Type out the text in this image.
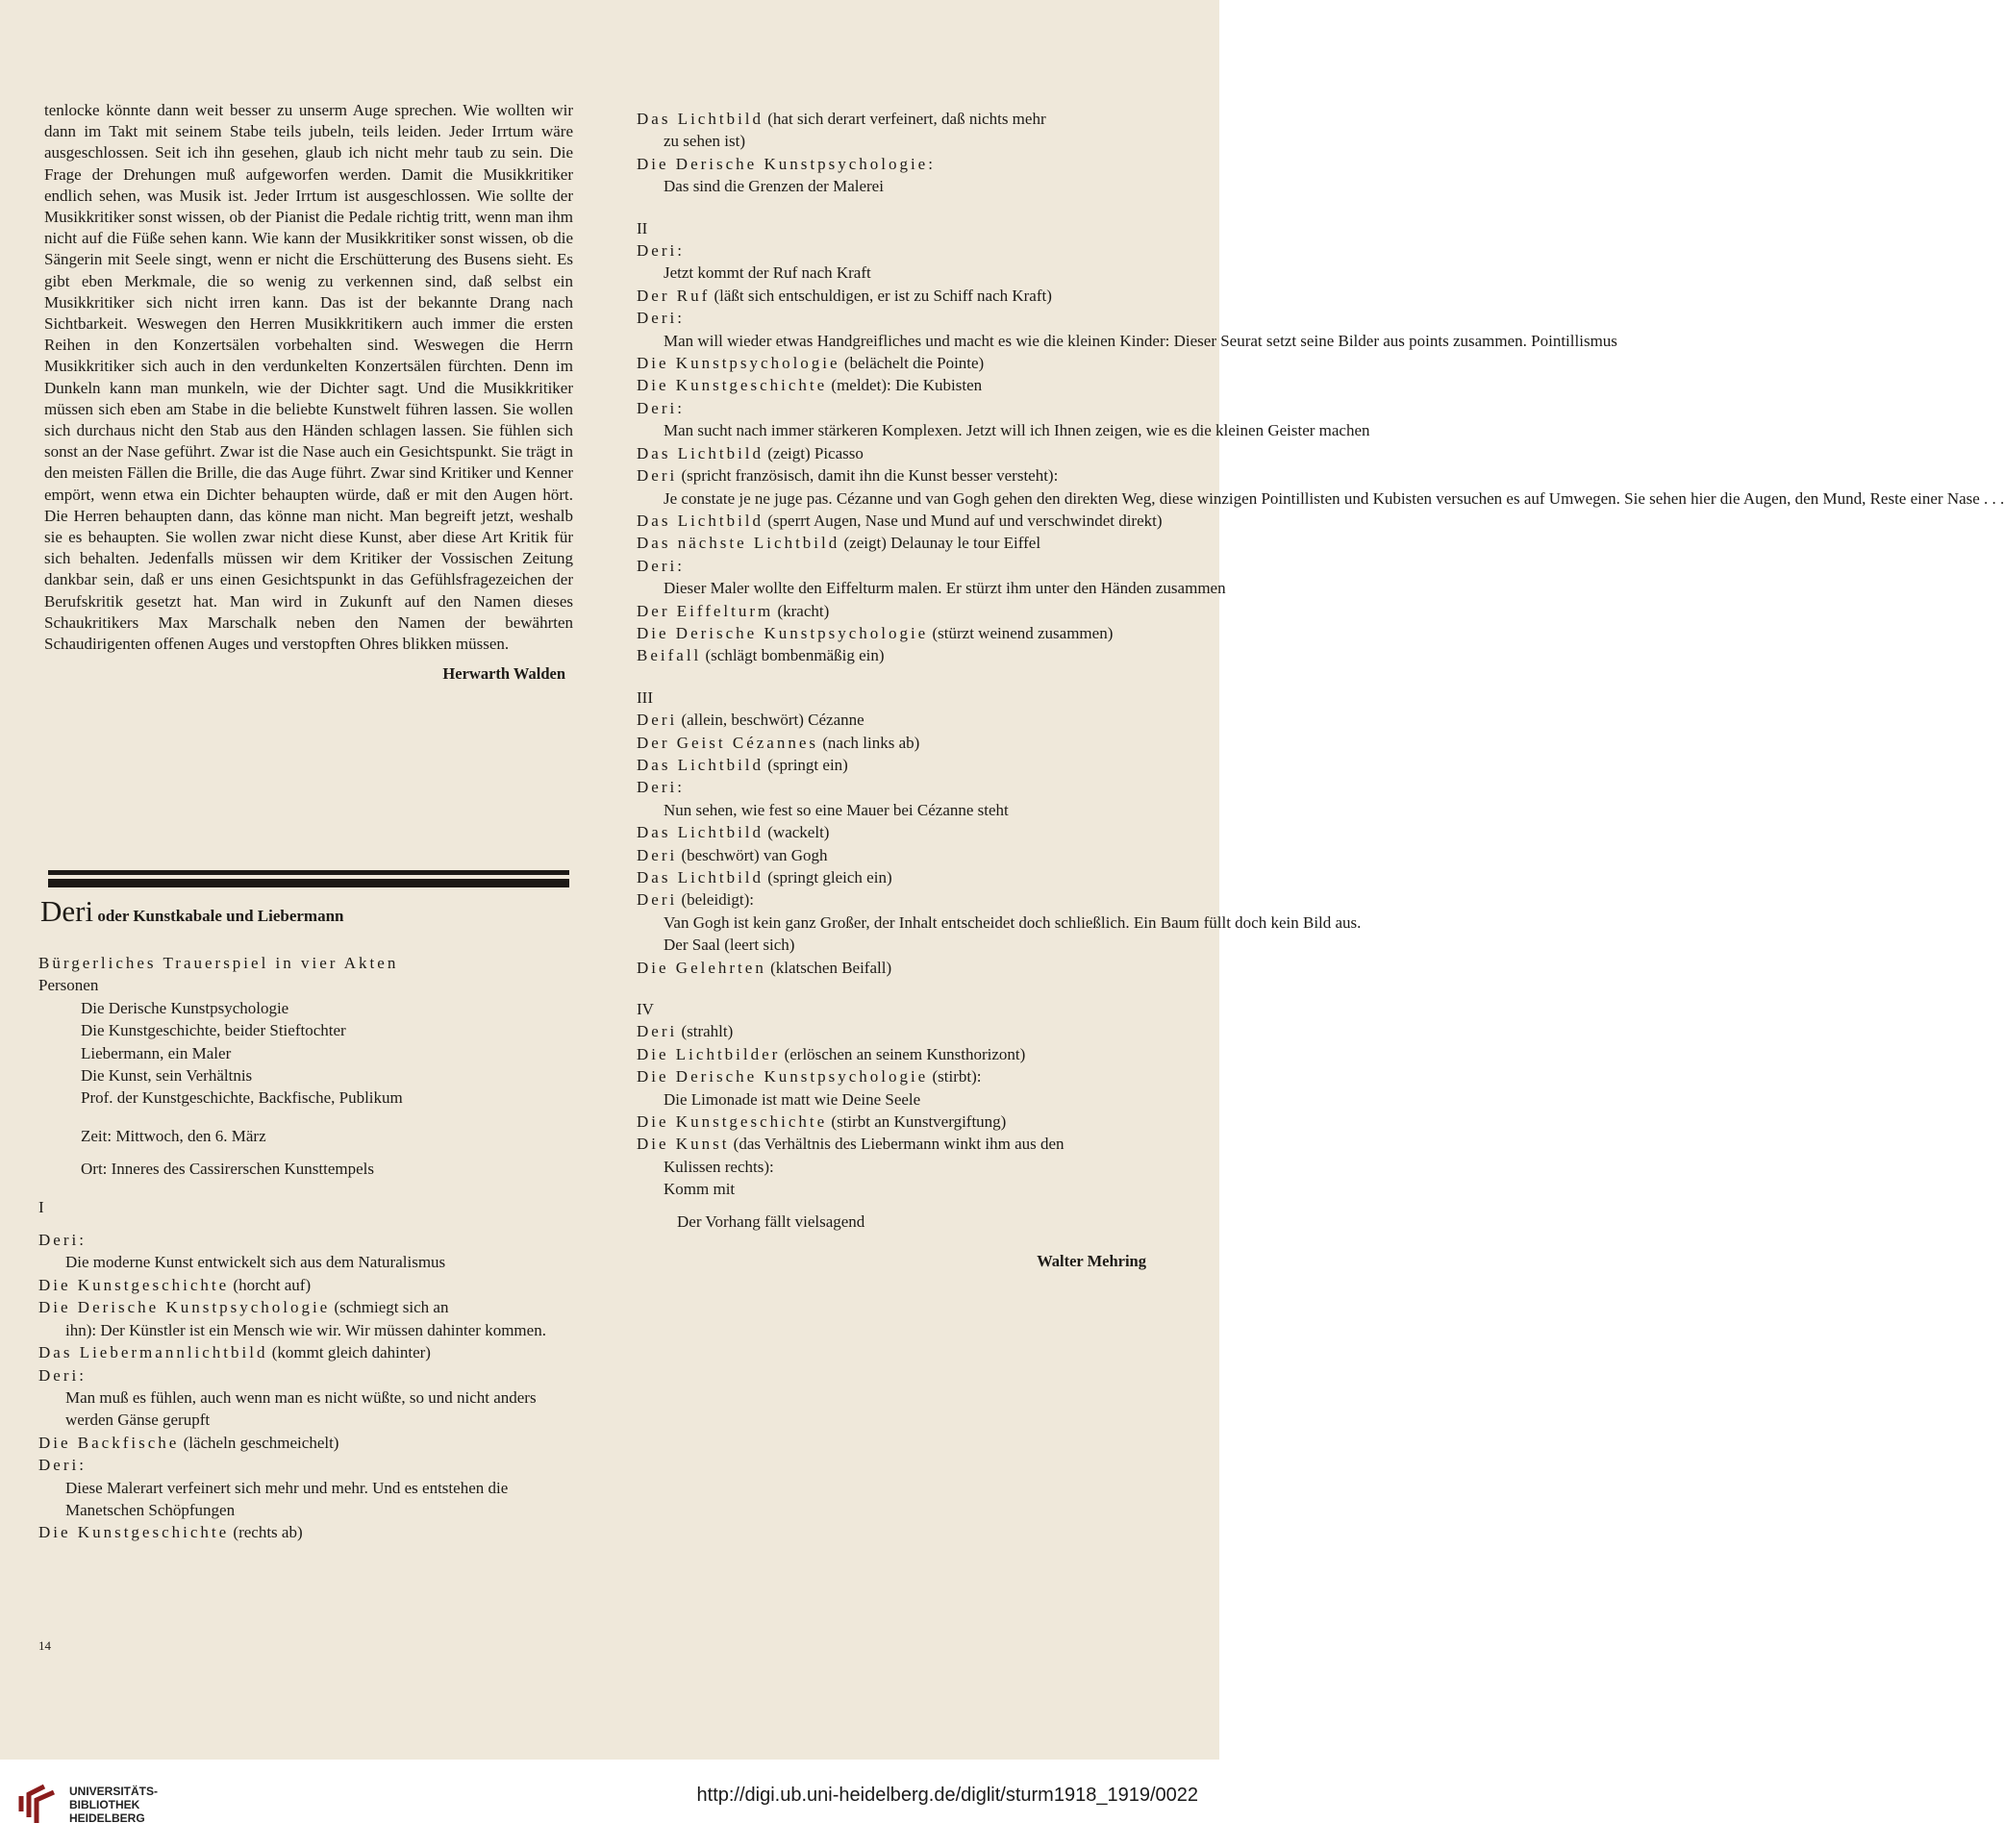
tenlocke könnte dann weit besser zu unserm Auge sprechen. Wie wollten wir dann im Takt mit seinem Stabe teils jubeln, teils leiden. Jeder Irrtum wäre ausgeschlossen. Seit ich ihn gesehen, glaub ich nicht mehr taub zu sein. Die Frage der Drehungen muß aufgeworfen werden. Damit die Musikkritiker endlich sehen, was Musik ist. Jeder Irrtum ist ausgeschlossen. Wie sollte der Musikkritiker sonst wissen, ob der Pianist die Pedale richtig tritt, wenn man ihm nicht auf die Füße sehen kann. Wie kann der Musikkritiker sonst wissen, ob die Sängerin mit Seele singt, wenn er nicht die Erschütterung des Busens sieht. Es gibt eben Merkmale, die so wenig zu verkennen sind, daß selbst ein Musikkritiker sich nicht irren kann. Das ist der bekannte Drang nach Sichtbarkeit. Weswegen den Herren Musikkritikern auch immer die ersten Reihen in den Konzertsälen vorbehalten sind. Weswegen die Herrn Musikkritiker sich auch in den verdunkelten Konzertsälen fürchten. Denn im Dunkeln kann man munkeln, wie der Dichter sagt. Und die Musikkritiker müssen sich eben am Stabe in die beliebte Kunstwelt führen lassen. Sie wollen sich durchaus nicht den Stab aus den Händen schlagen lassen. Sie fühlen sich sonst an der Nase geführt. Zwar ist die Nase auch ein Gesichtspunkt. Sie trägt in den meisten Fällen die Brille, die das Auge führt. Zwar sind Kritiker und Kenner empört, wenn etwa ein Dichter behaupten würde, daß er mit den Augen hört. Die Herren behaupten dann, das könne man nicht. Man begreift jetzt, weshalb sie es behaupten. Sie wollen zwar nicht diese Kunst, aber diese Art Kritik für sich behalten. Jedenfalls müssen wir dem Kritiker der Vossischen Zeitung dankbar sein, daß er uns einen Gesichtspunkt in das Gefühlsfragezeichen der Berufskritik gesetzt hat. Man wird in Zukunft auf den Namen dieses Schaukritikers Max Marschalk neben den Namen der bewährten Schaudirigenten offenen Auges und verstopften Ohres blikken müssen.

Herwarth Walden
Deri oder Kunstkabale und Liebermann
Bürgerliches Trauerspiel in vier Akten
Personen
Die Derische Kunstpsychologie
Die Kunstgeschichte, beider Stieftochter
Liebermann, ein Maler
Die Kunst, sein Verhältnis
Prof. der Kunstgeschichte, Backfische, Publikum
Zeit: Mittwoch, den 6. März
Ort: Inneres des Cassirerschen Kunsttempels
I
Deri:
Die moderne Kunst entwickelt sich aus dem Naturalismus
Die Kunstgeschichte (horcht auf)
Die Derische Kunstpsychologie (schmiegt sich an
ihn): Der Künstler ist ein Mensch wie wir. Wir müssen dahinter kommen.
Das Liebermannlichtbild (kommt gleich dahinter)
Deri:
Man muß es fühlen, auch wenn man es nicht wüßte, so und nicht anders werden Gänse gerupft
Die Backfische (lächeln geschmeichelt)
Deri:
Diese Malerart verfeinert sich mehr und mehr. Und es entstehen die Manetschen Schöpfungen
Die Kunstgeschichte (rechts ab)
Das Lichtbild (hat sich derart verfeinert, daß nichts mehr
zu sehen ist)
Die Derische Kunstpsychologie:
Das sind die Grenzen der Malerei
II
Deri:
Jetzt kommt der Ruf nach Kraft
Der Ruf (läßt sich entschuldigen, er ist zu Schiff nach Kraft)
Deri:
Man will wieder etwas Handgreifliches und macht es wie die kleinen Kinder: Dieser Seurat setzt seine Bilder aus points zusammen. Pointillismus
Die Kunstpsychologie (belächelt die Pointe)
Die Kunstgeschichte (meldet): Die Kubisten
Deri:
Man sucht nach immer stärkeren Komplexen. Jetzt will ich Ihnen zeigen, wie es die kleinen Geister machen
Das Lichtbild (zeigt) Picasso
Deri (spricht französisch, damit ihn die Kunst besser versteht):
Je constate je ne juge pas. Cézanne und van Gogh gehen den direkten Weg, diese winzigen Pointillisten und Kubisten versuchen es auf Umwegen. Sie sehen hier die Augen, den Mund, Reste einer Nase . . .
Das Lichtbild (sperrt Augen, Nase und Mund auf und verschwindet direkt)
Das nächste Lichtbild (zeigt) Delaunay le tour Eiffel
Deri:
Dieser Maler wollte den Eiffelturm malen. Er stürzt ihm unter den Händen zusammen
Der Eiffelturm (kracht)
Die Derische Kunstpsychologie (stürzt weinend zusammen)
Beifall (schlägt bombenmäßig ein)
III
Deri (allein, beschwört) Cézanne
Der Geist Cézannes (nach links ab)
Das Lichtbild (springt ein)
Deri:
Nun sehen, wie fest so eine Mauer bei Cézanne steht
Das Lichtbild (wackelt)
Deri (beschwört) van Gogh
Das Lichtbild (springt gleich ein)
Deri (beleidigt):
Van Gogh ist kein ganz Großer, der Inhalt entscheidet doch schließlich. Ein Baum füllt doch kein Bild aus.
Der Saal (leert sich)
Die Gelehrten (klatschen Beifall)
IV
Deri (strahlt)
Die Lichtbilder (erlöschen an seinem Kunsthorizont)
Die Derische Kunstpsychologie (stirbt):
Die Limonade ist matt wie Deine Seele
Die Kunstgeschichte (stirbt an Kunstvergiftung)
Die Kunst (das Verhältnis des Liebermann winkt ihm aus den
Kulissen rechts):
Komm mit
Der Vorhang fällt vielsagend
Walter Mehring
14
UNIVERSITÄTS-
BIBLIOTHEK
HEIDELBERG
http://digi.ub.uni-heidelberg.de/diglit/sturm1918_1919/0022
